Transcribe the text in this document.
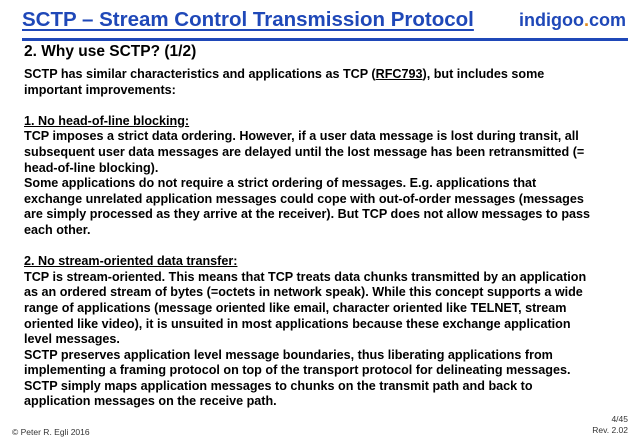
SCTP – Stream Control Transmission Protocol	indigoo.com
2. Why use SCTP? (1/2)

SCTP has similar characteristics and applications as TCP (RFC793), but includes some

important improvements:

1. No head-of-line blocking:

TCP imposes a strict data ordering. However, if a user data message is lost during transit, all

subsequent user data messages are delayed until the lost message has been retransmitted (=

head-of-line blocking).

Some applications do not require a strict ordering of messages. E.g. applications that

exchange unrelated application messages could cope with out-of-order messages (messages

are simply processed as they arrive at the receiver). But TCP does not allow messages to pass

each other.

2. No stream-oriented data transfer:

TCP is stream-oriented. This means that TCP treats data chunks transmitted by an application

as an ordered stream of bytes (=octets in network speak). While this concept supports a wide

range of applications (message oriented like email, character oriented like TELNET, stream

oriented like video), it is unsuited in most applications because these exchange application

level messages.

SCTP preserves application level message boundaries, thus liberating applications from

implementing a framing protocol on top of the transport protocol for delineating messages.

SCTP simply maps application messages to chunks on the transmit path and back to

application messages on the receive path.

© Peter R. Egli 2016
4/45
Rev. 2.02
